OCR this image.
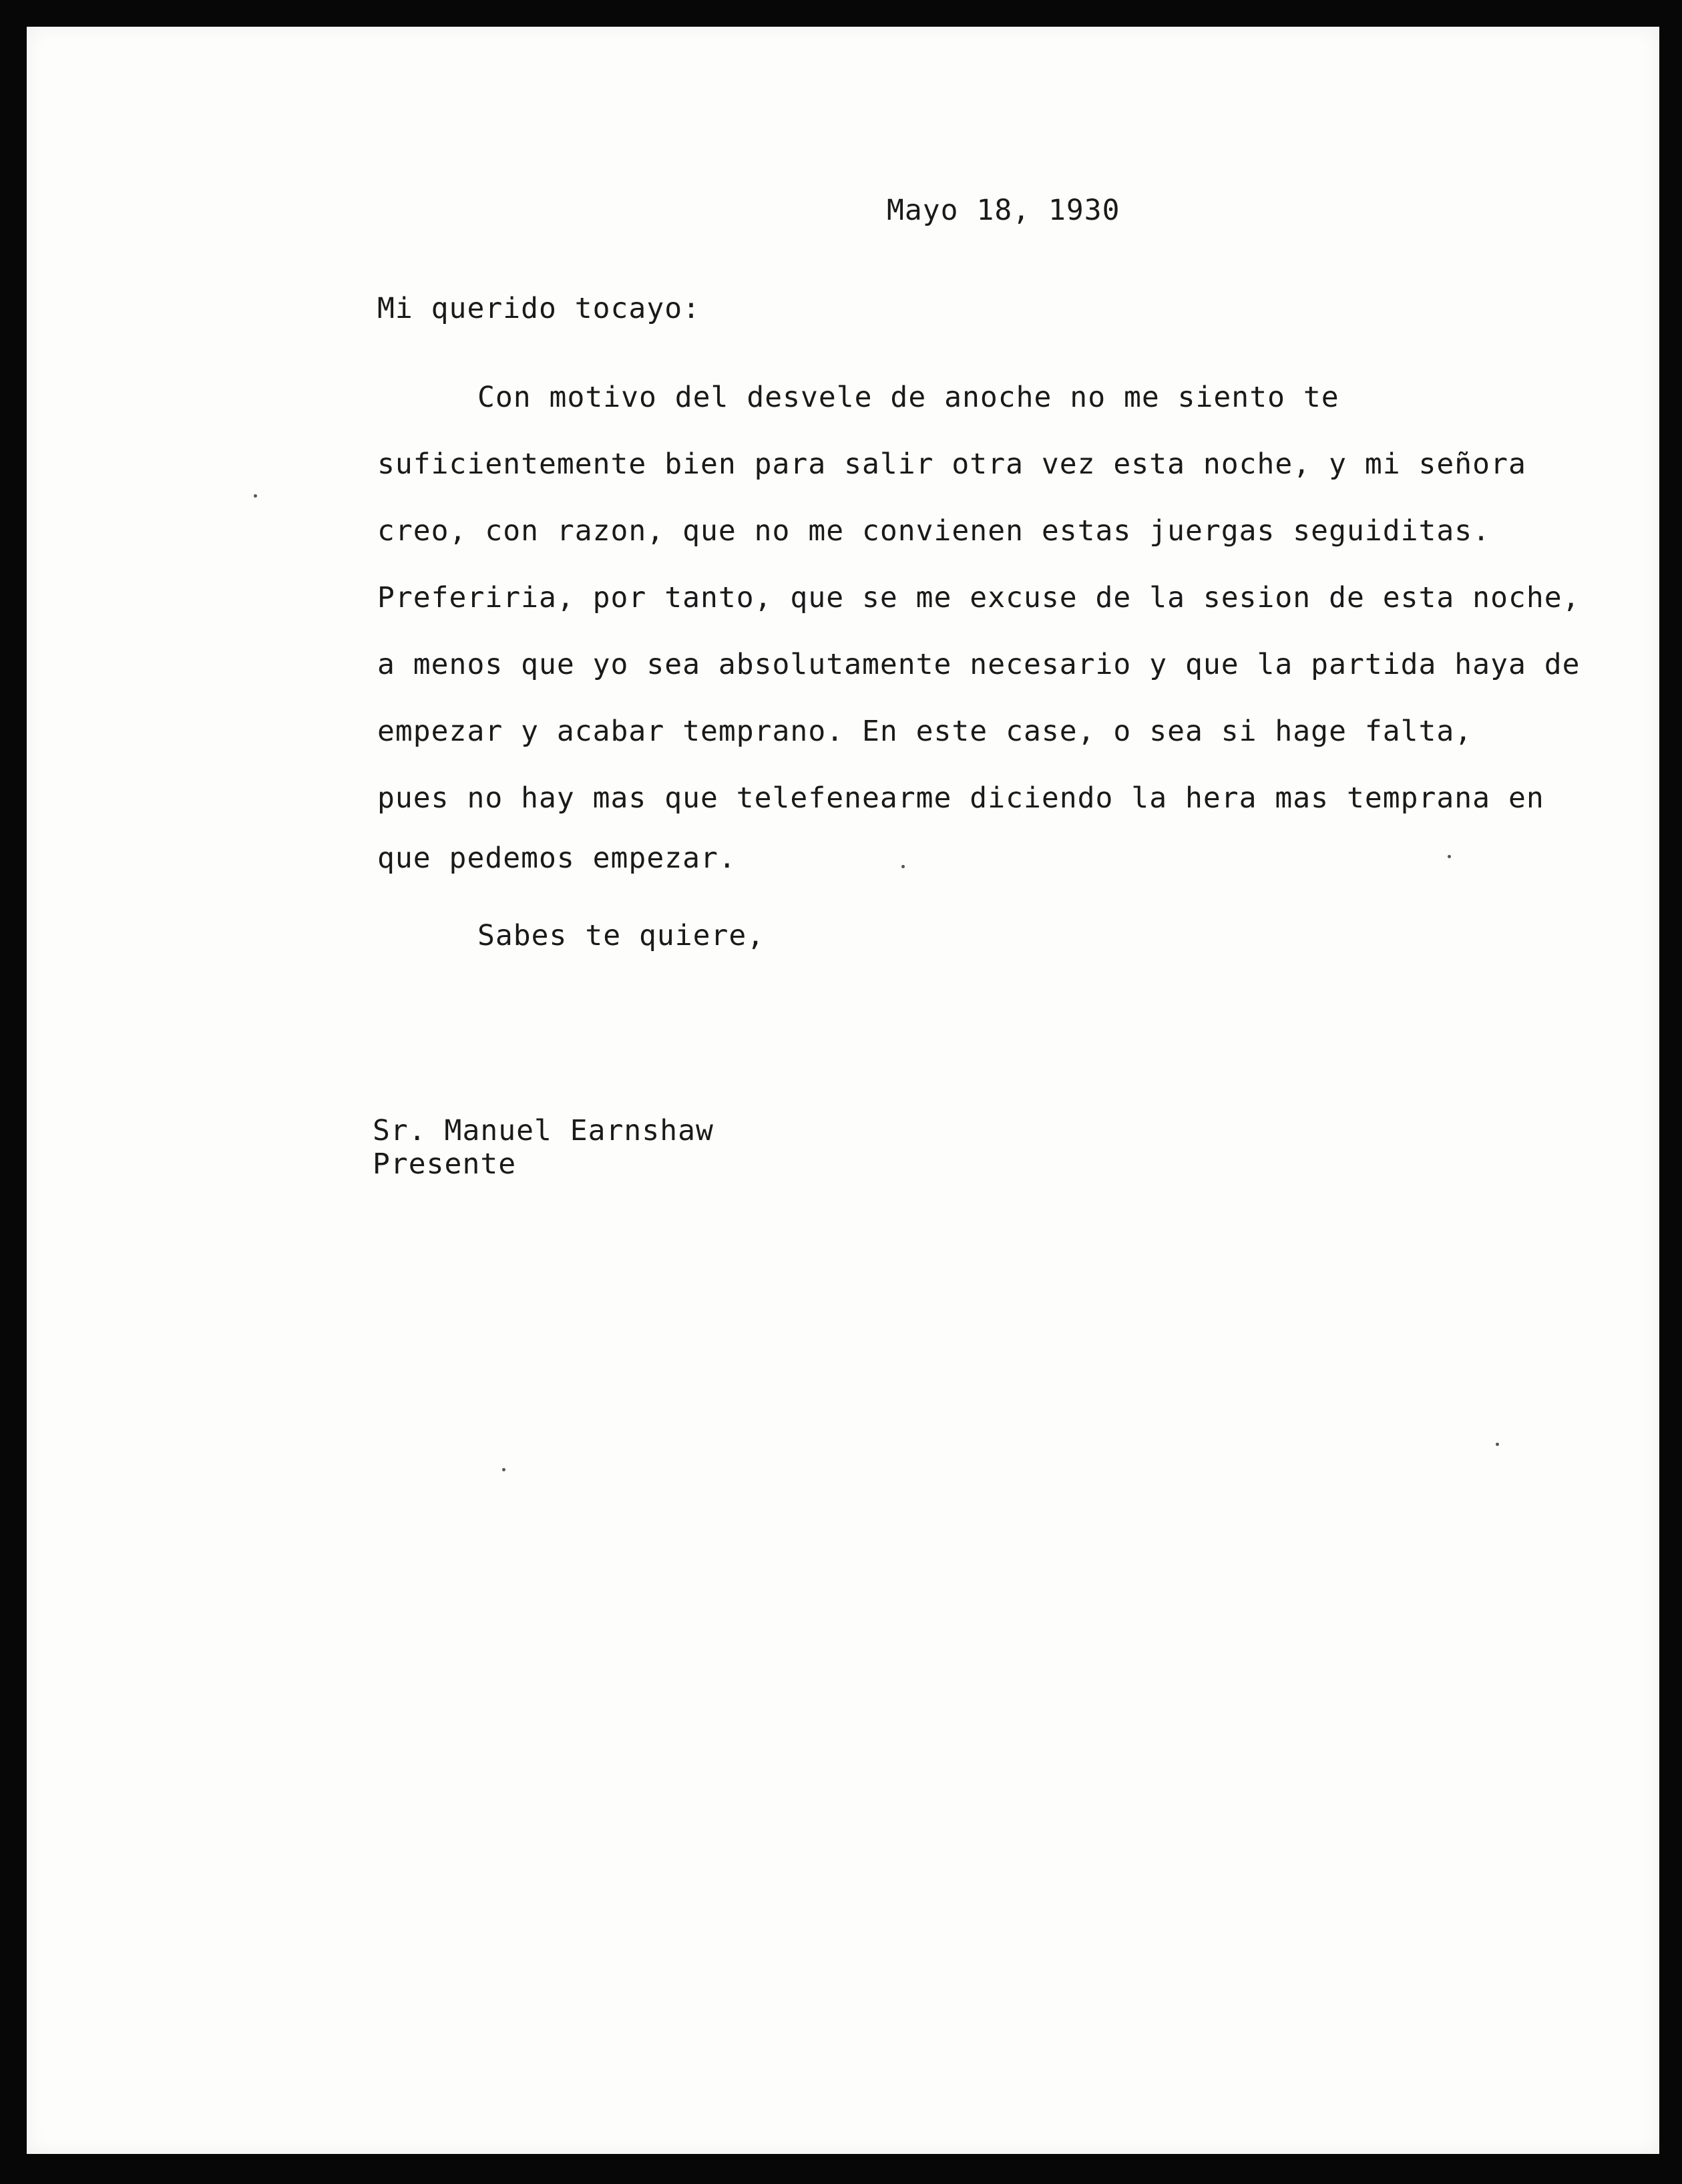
Mayo 18, 1930
Mi querido tocayo:
Con motivo del desvele de anoche no me siento te
suficientemente bien para salir otra vez esta noche, y mi señora
creo, con razon, que no me convienen estas juergas seguiditas.
Preferiria, por tanto, que se me excuse de la sesion de esta noche,
a menos que yo sea absolutamente necesario y que la partida haya de
empezar y acabar temprano. En este case, o sea si hage falta,
pues no hay mas que telefenearme diciendo la hera mas temprana en
que pedemos empezar.
Sabes te quiere,
Sr. Manuel Earnshaw
Presente
